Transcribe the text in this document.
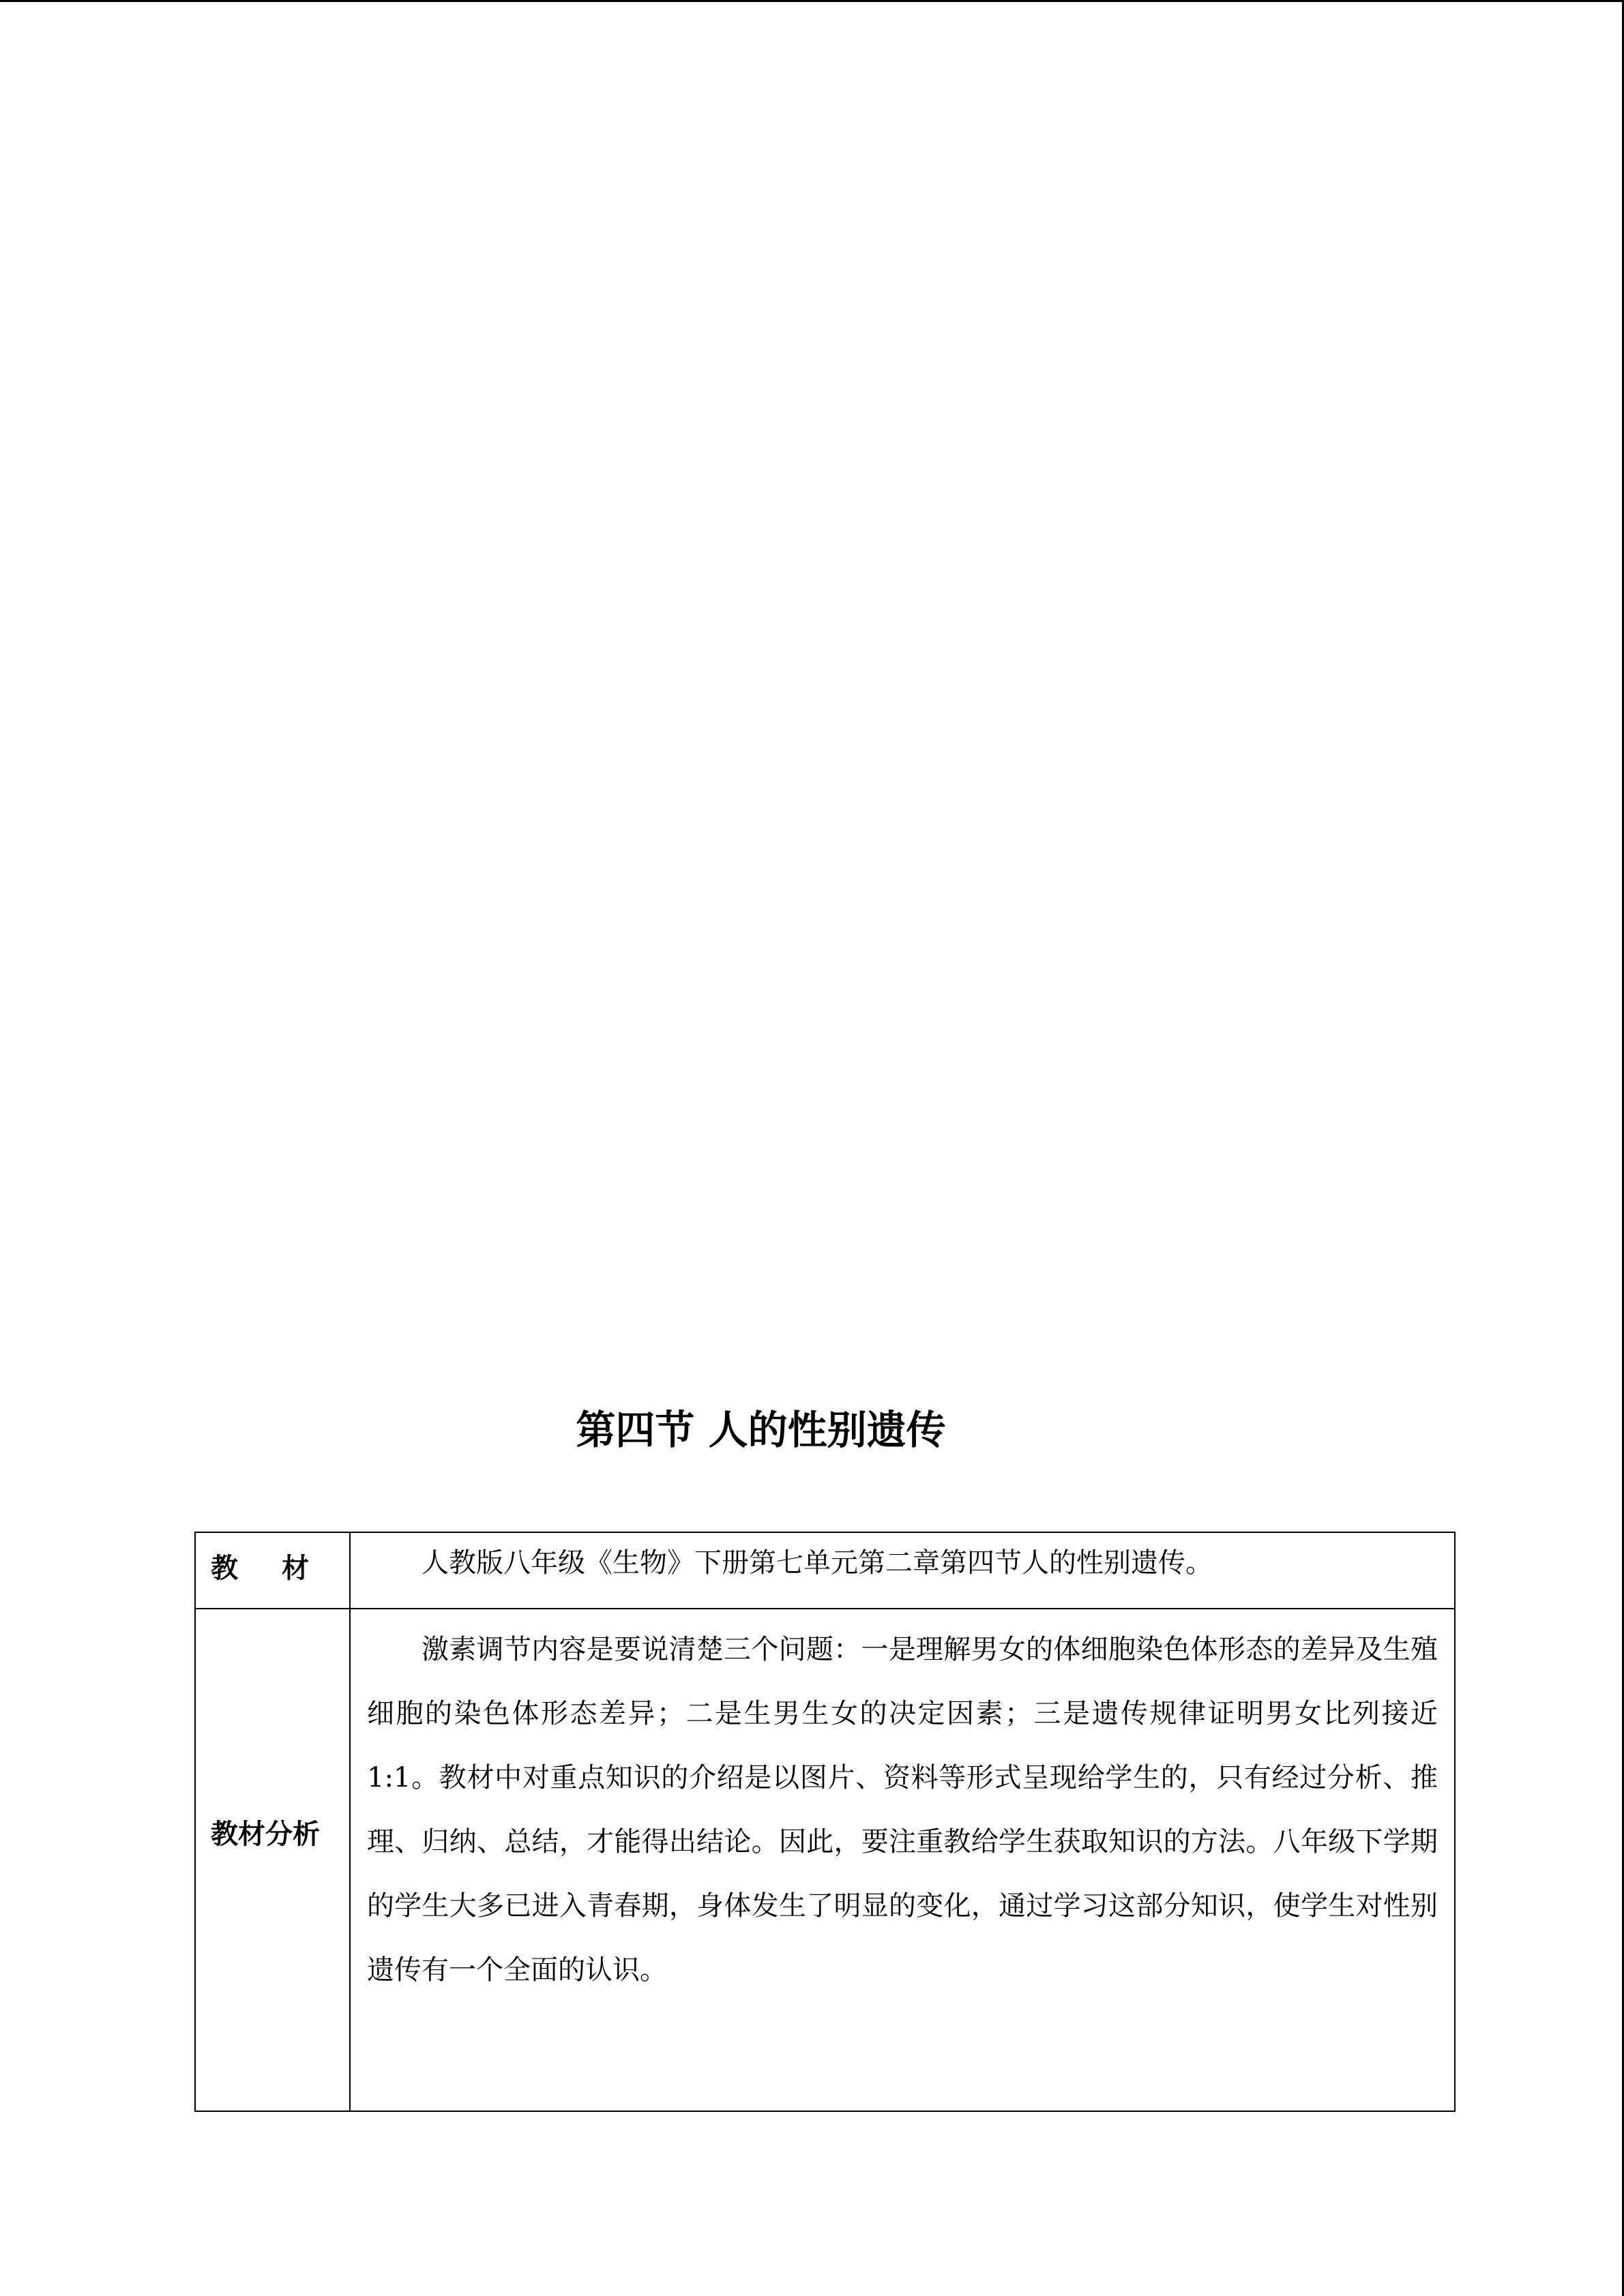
第四节 人的性别遗传
教材	人教版八年级《生物》下册第七单元第二章第四节人的性别遗传。

教材分析	激素调节内容是要说清楚三个问题：一是理解男女的体细胞染色体形态的差异及生殖细胞的染色体形态差异；二是生男生女的决定因素；三是遗传规律证明男女比列接近 1:1。教材中对重点知识的介绍是以图片、资料等形式呈现给学生的，只有经过分析、推理、归纳、总结，才能得出结论。因此，要注重教给学生获取知识的方法。八年级下学期的学生大多已进入青春期，身体发生了明显的变化，通过学习这部分知识，使学生对性别遗传有一个全面的认识。
